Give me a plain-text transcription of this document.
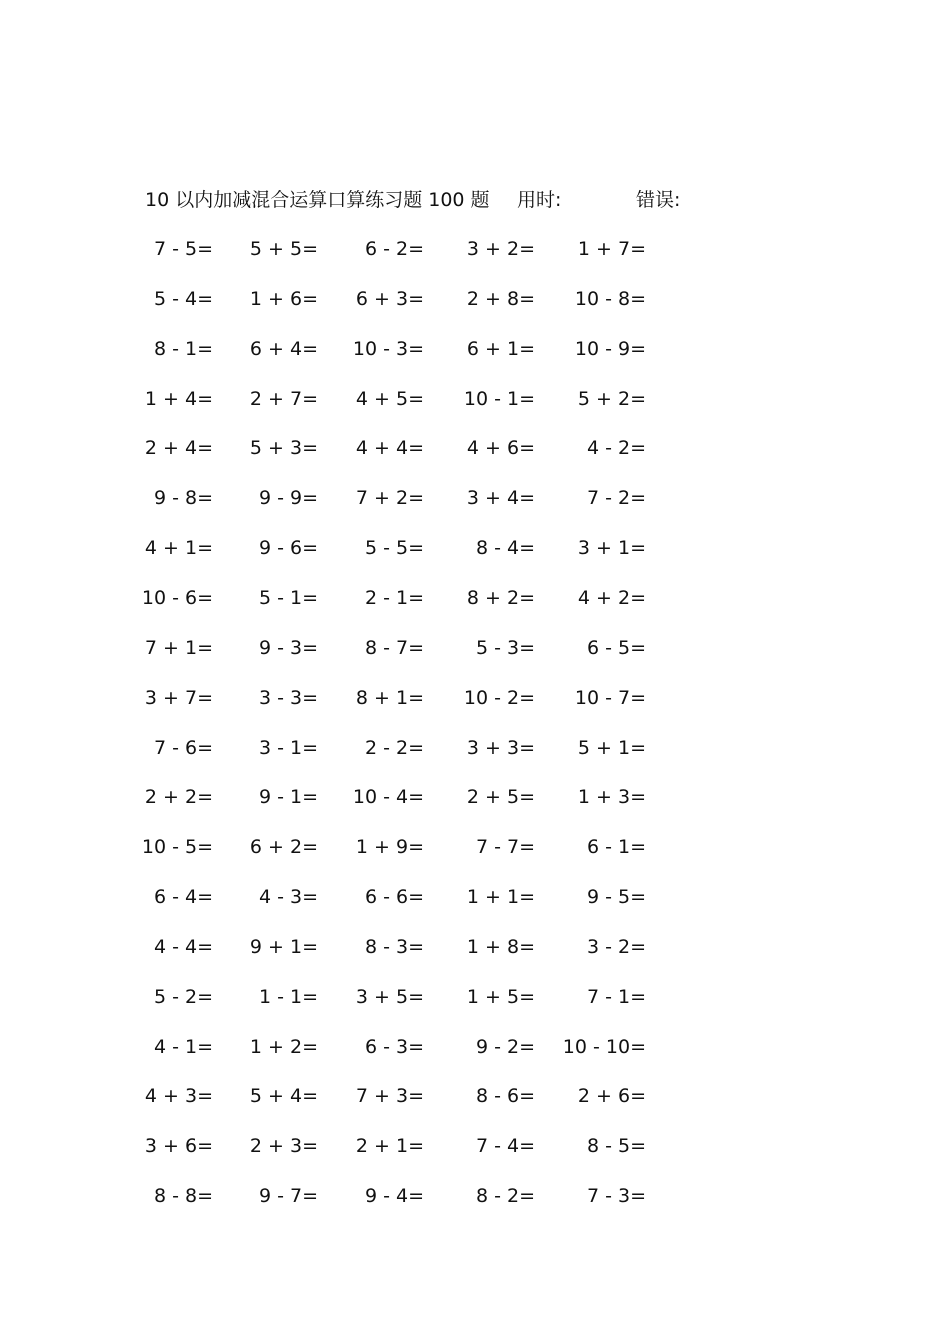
10 以内加减混合运算口算练习题 100 题 用时:	错误:
7 - 5=	5 + 5=	6 - 2=	3 + 2=	1 + 7=
5 - 4=	1 + 6=	6 + 3=	2 + 8=	10 - 8=
8 - 1=	6 + 4=	10 - 3=	6 + 1=	10 - 9=
1 + 4=	2 + 7=	4 + 5=	10 - 1=	5 + 2=
2 + 4=	5 + 3=	4 + 4=	4 + 6=	4 - 2=
9 - 8=	9 - 9=	7 + 2=	3 + 4=	7 - 2=
4 + 1=	9 - 6=	5 - 5=	8 - 4=	3 + 1=
10 - 6=	5 - 1=	2 - 1=	8 + 2=	4 + 2=
7 + 1=	9 - 3=	8 - 7=	5 - 3=	6 - 5=
3 + 7=	3 - 3=	8 + 1=	10 - 2=	10 - 7=
7 - 6=	3 - 1=	2 - 2=	3 + 3=	5 + 1=
2 + 2=	9 - 1=	10 - 4=	2 + 5=	1 + 3=
10 - 5=	6 + 2=	1 + 9=	7 - 7=	6 - 1=
6 - 4=	4 - 3=	6 - 6=	1 + 1=	9 - 5=
4 - 4=	9 + 1=	8 - 3=	1 + 8=	3 - 2=
5 - 2=	1 - 1=	3 + 5=	1 + 5=	7 - 1=
4 - 1=	1 + 2=	6 - 3=	9 - 2=	10 - 10=
4 + 3=	5 + 4=	7 + 3=	8 - 6=	2 + 6=
3 + 6=	2 + 3=	2 + 1=	7 - 4=	8 - 5=
8 - 8=	9 - 7=	9 - 4=	8 - 2=	7 - 3=
